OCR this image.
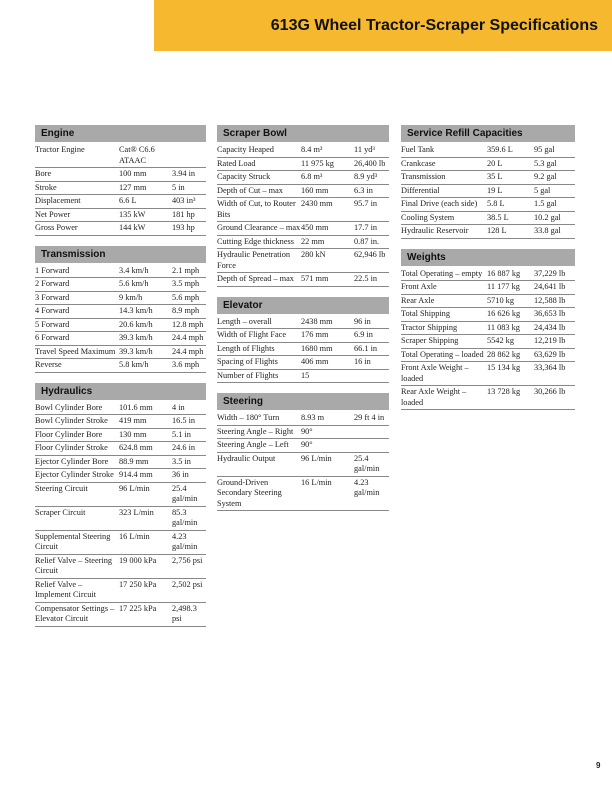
613G Wheel Tractor-Scraper Specifications
Engine
Tractor Engine	Cat® C6.6 ATAAC
Bore	100 mm	3.94 in
Stroke	127 mm	5 in
Displacement	6.6 L	403 in³
Net Power	135 kW	181 hp
Gross Power	144 kW	193 hp
Transmission
1 Forward	3.4 km/h	2.1 mph
2 Forward	5.6 km/h	3.5 mph
3 Forward	9 km/h	5.6 mph
4 Forward	14.3 km/h	8.9 mph
5 Forward	20.6 km/h	12.8 mph
6 Forward	39.3 km/h	24.4 mph
Travel Speed Maximum 39.3 km/h	24.4 mph
Reverse	5.8 km/h	3.6 mph
Hydraulics
Bowl Cylinder Bore	101.6 mm	4 in
Bowl Cylinder Stroke	419 mm	16.5 in
Floor Cylinder Bore	130 mm	5.1 in
Floor Cylinder Stroke	624.8 mm	24.6 in
Ejector Cylinder Bore	88.9 mm	3.5 in
Ejector Cylinder Stroke 914.4 mm	36 in
Steering Circuit	96 L/min	25.4 gal/min
Scraper Circuit	323 L/min	85.3 gal/min
Supplemental Steering Circuit
16 L/min	4.23 gal/min
Relief Valve – Steering Circuit
19 000 kPa	2,756 psi
Relief Valve – Implement Circuit
17 250 kPa	2,502 psi
Compensator Settings – Elevator Circuit
17 225 kPa	2,498.3 psi
Scraper Bowl
Capacity Heaped	8.4 m³	11 yd³
Rated Load	11 975 kg	26,400 lb
Capacity Struck	6.8 m³	8.9 yd³
Depth of Cut – max	160 mm	6.3 in
Width of Cut, to Router Bits
2430 mm	95.7 in
Ground Clearance – max 450 mm	17.7 in
Cutting Edge thickness 22 mm	0.87 in.
Hydraulic Penetration Force
280 kN	62,946 lb
Depth of Spread – max 571 mm	22.5 in
Elevator
Length – overall	2438 mm	96 in
Width of Flight Face	176 mm	6.9 in
Length of Flights	1680 mm	66.1 in
Spacing of Flights	406 mm	16 in
Number of Flights	15
Steering
Width – 180° Turn	8.93 m	29 ft 4 in
Steering Angle – Right 90°
Steering Angle – Left	90°
Hydraulic Output	96 L/min	25.4 gal/min
Ground-Driven Secondary Steering System
16 L/min	4.23 gal/min
Service Refill Capacities
Fuel Tank	359.6 L	95 gal
Crankcase	20 L	5.3 gal
Transmission	35 L	9.2 gal
Differential	19 L	5 gal
Final Drive (each side)	5.8 L	1.5 gal
Cooling System	38.5 L	10.2 gal
Hydraulic Reservoir	128 L	33.8 gal
Weights
Total Operating – empty 16 887 kg	37,229 lb
Front Axle	11 177 kg	24,641 lb
Rear Axle	5710 kg	12,588 lb
Total Shipping	16 626 kg	36,653 lb
Tractor Shipping	11 083 kg	24,434 lb
Scraper Shipping	5542 kg	12,219 lb
Total Operating – loaded 28 862 kg	63,629 lb
Front Axle Weight – loaded
15 134 kg	33,364 lb
Rear Axle Weight – loaded
13 728 kg	30,266 lb
9
